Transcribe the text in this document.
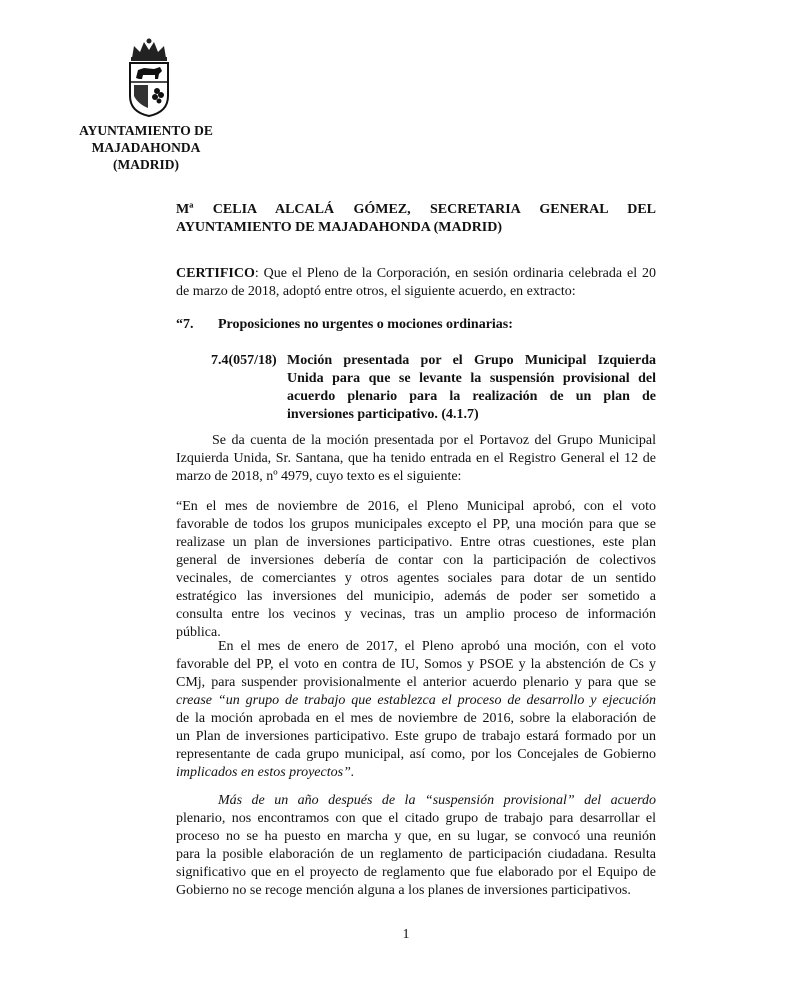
AYUNTAMIENTO DE
MAJADAHONDA
(MADRID)
Mª CELIA ALCALÁ GÓMEZ, SECRETARIA GENERAL DEL
AYUNTAMIENTO DE MAJADAHONDA (MADRID)
CERTIFICO: Que el Pleno de la Corporación, en sesión ordinaria celebrada el 20
de marzo de 2018, adoptó entre otros, el siguiente acuerdo, en extracto:
“7. Proposiciones no urgentes o mociones ordinarias:
7.4(057/18) Moción presentada por el Grupo Municipal Izquierda
Unida para que se levante la suspensión provisional del
acuerdo plenario para la realización de un plan de
inversiones participativo. (4.1.7)
Se da cuenta de la moción presentada por el Portavoz del Grupo Municipal
Izquierda Unida, Sr. Santana, que ha tenido entrada en el Registro General el 12 de
marzo de 2018, nº 4979, cuyo texto es el siguiente:
“En el mes de noviembre de 2016, el Pleno Municipal aprobó, con el voto
favorable de todos los grupos municipales excepto el PP, una moción para que se
realizase un plan de inversiones participativo. Entre otras cuestiones, este plan
general de inversiones debería de contar con la participación de colectivos
vecinales, de comerciantes y otros agentes sociales para dotar de un sentido
estratégico las inversiones del municipio, además de poder ser sometido a
consulta entre los vecinos y vecinas, tras un amplio proceso de información
pública.
En el mes de enero de 2017, el Pleno aprobó una moción, con el voto
favorable del PP, el voto en contra de IU, Somos y PSOE y la abstención de Cs y
CMj, para suspender provisionalmente el anterior acuerdo plenario y para que se
crease “un grupo de trabajo que establezca el proceso de desarrollo y ejecución
de la moción aprobada en el mes de noviembre de 2016, sobre la elaboración de
un Plan de inversiones participativo. Este grupo de trabajo estará formado por un
representante de cada grupo municipal, así como, por los Concejales de Gobierno
implicados en estos proyectos”.
Más de un año después de la “suspensión provisional” del acuerdo
plenario, nos encontramos con que el citado grupo de trabajo para desarrollar el
proceso no se ha puesto en marcha y que, en su lugar, se convocó una reunión
para la posible elaboración de un reglamento de participación ciudadana. Resulta
significativo que en el proyecto de reglamento que fue elaborado por el Equipo de
Gobierno no se recoge mención alguna a los planes de inversiones participativos.
1
